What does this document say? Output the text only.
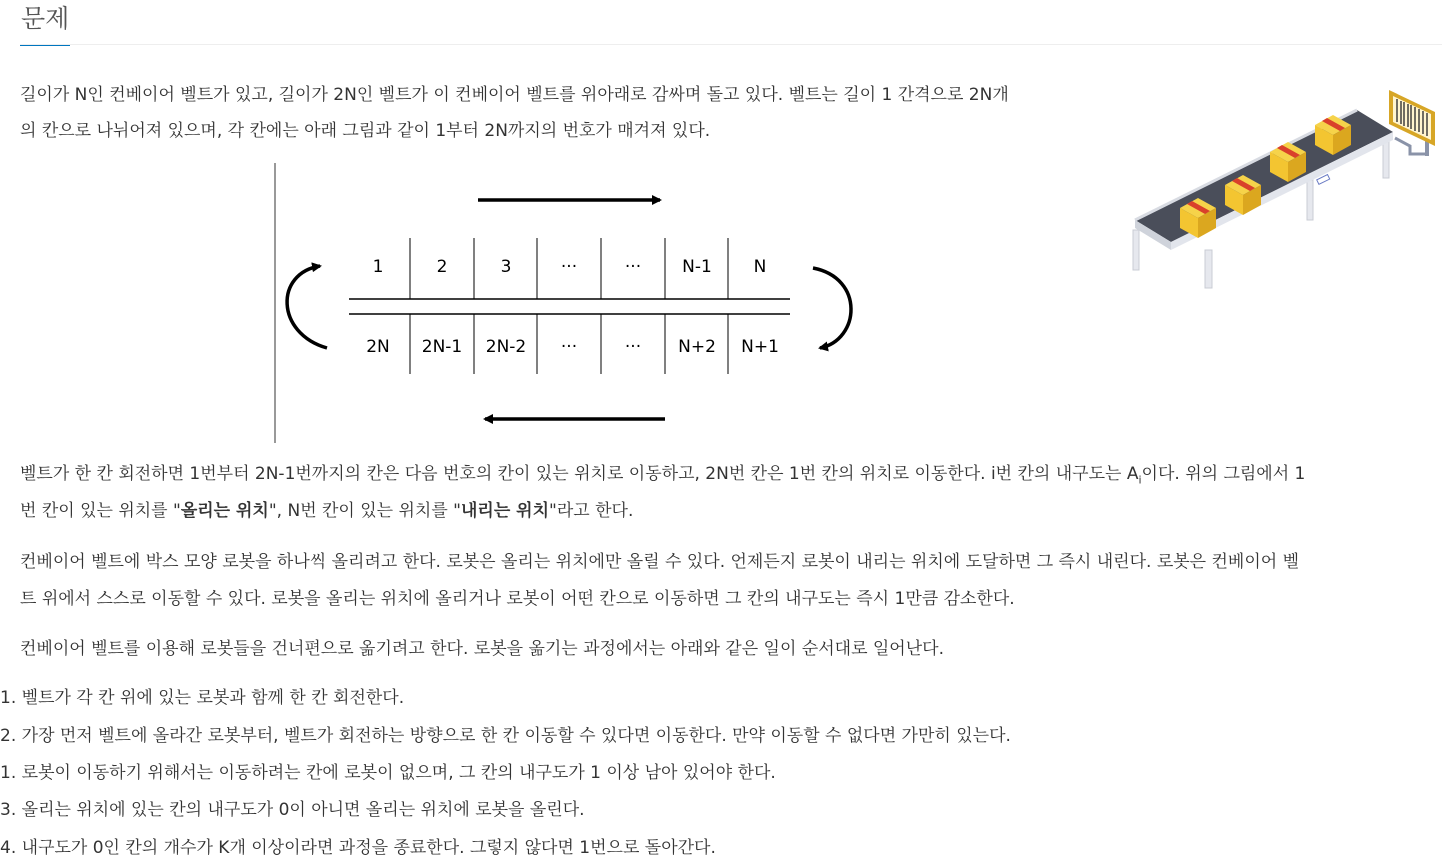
문제

길이가 N인 컨베이어 벨트가 있고, 길이가 2N인 벨트가 이 컨베이어 벨트를 위아래로 감싸며 돌고 있다. 벨트는 길이 1 간격으로 2N개

의 칸으로 나뉘어져 있으며, 각 칸에는 아래 그림과 같이 1부터 2N까지의 번호가 매겨져 있다.

1	2	3	···	··· N-1 N
2N 2N-1 2N-2 ···	··· N+2 N+1

벨트가 한 칸 회전하면 1번부터 2N-1번까지의 칸은 다음 번호의 칸이 있는 위치로 이동하고, 2N번 칸은 1번 칸의 위치로 이동한다. i번 칸의 내구도는 $A_i$이다. 위의 그림에서 1

번 칸이 있는 위치를 "올리는 위치", N번 칸이 있는 위치를 "내리는 위치"라고 한다.

컨베이어 벨트에 박스 모양 로봇을 하나씩 올리려고 한다. 로봇은 올리는 위치에만 올릴 수 있다. 언제든지 로봇이 내리는 위치에 도달하면 그 즉시 내린다. 로봇은 컨베이어 벨

트 위에서 스스로 이동할 수 있다. 로봇을 올리는 위치에 올리거나 로봇이 어떤 칸으로 이동하면 그 칸의 내구도는 즉시 1만큼 감소한다.

컨베이어 벨트를 이용해 로봇들을 건너편으로 옮기려고 한다. 로봇을 옮기는 과정에서는 아래와 같은 일이 순서대로 일어난다.

1. 벨트가 각 칸 위에 있는 로봇과 함께 한 칸 회전한다.
2. 가장 먼저 벨트에 올라간 로봇부터, 벨트가 회전하는 방향으로 한 칸 이동할 수 있다면 이동한다. 만약 이동할 수 없다면 가만히 있는다.
1. 로봇이 이동하기 위해서는 이동하려는 칸에 로봇이 없으며, 그 칸의 내구도가 1 이상 남아 있어야 한다.
3. 올리는 위치에 있는 칸의 내구도가 0이 아니면 올리는 위치에 로봇을 올린다.
4. 내구도가 0인 칸의 개수가 K개 이상이라면 과정을 종료한다. 그렇지 않다면 1번으로 돌아간다.
